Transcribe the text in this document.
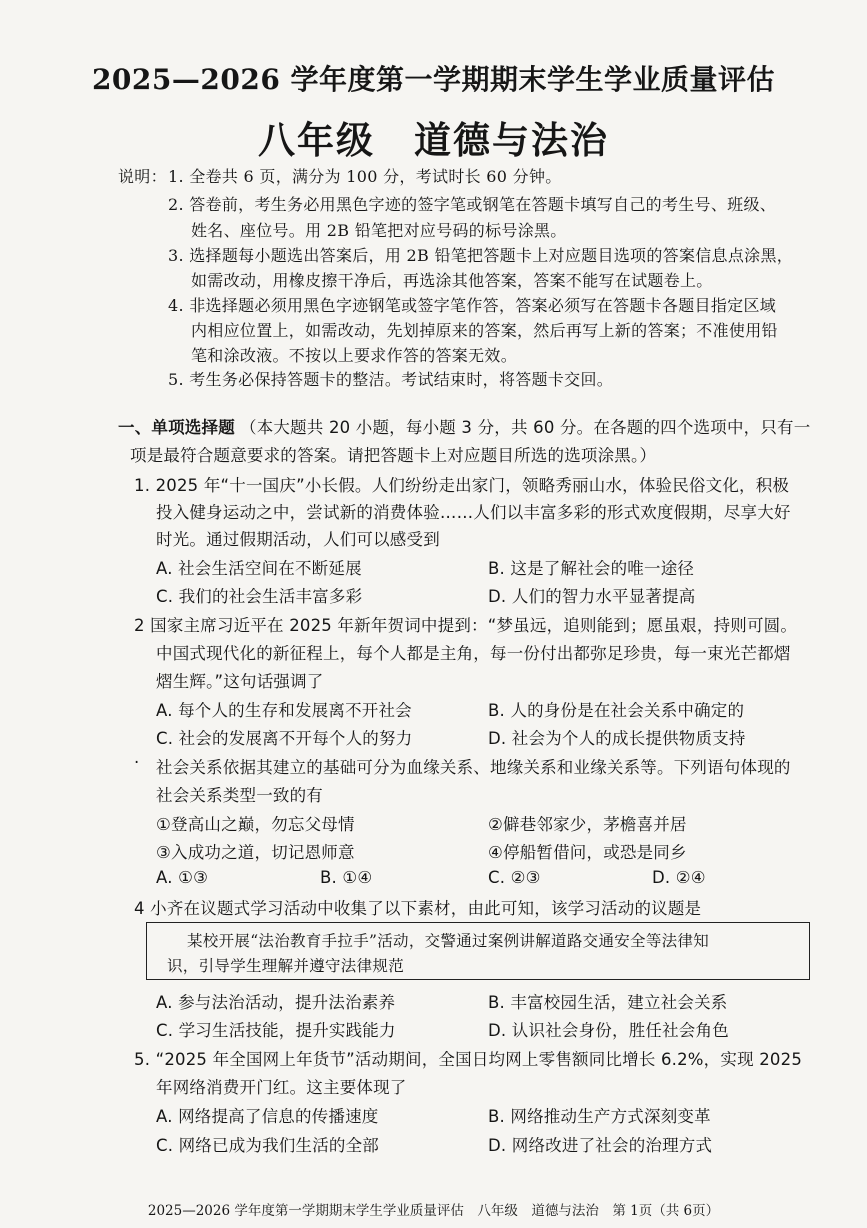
2025—2026 学年度第一学期期末学生学业质量评估
八年级　道德与法治
说明： 1. 全卷共 6 页，满分为 100 分，考试时长 60 分钟。
2. 答卷前，考生务必用黑色字迹的签字笔或钢笔在答题卡填写自己的考生号、班级、
姓名、座位号。用 2B 铅笔把对应号码的标号涂黑。
3. 选择题每小题选出答案后，用 2B 铅笔把答题卡上对应题目选项的答案信息点涂黑，
如需改动，用橡皮擦干净后，再选涂其他答案，答案不能写在试题卷上。
4. 非选择题必须用黑色字迹钢笔或签字笔作答，答案必须写在答题卡各题目指定区域
内相应位置上，如需改动，先划掉原来的答案，然后再写上新的答案；不准使用铅
笔和涂改液。不按以上要求作答的答案无效。
5. 考生务必保持答题卡的整洁。考试结束时，将答题卡交回。
一、单项选择题 （本大题共 20 小题，每小题 3 分，共 60 分。在各题的四个选项中，只有一
项是最符合题意要求的答案。请把答题卡上对应题目所选的选项涂黑。）
1. 2025 年“十一国庆”小长假。人们纷纷走出家门，领略秀丽山水，体验民俗文化，积极
投入健身运动之中，尝试新的消费体验……人们以丰富多彩的形式欢度假期，尽享大好
时光。通过假期活动，人们可以感受到
A. 社会生活空间在不断延展	B. 这是了解社会的唯一途径
C. 我们的社会生活丰富多彩	D. 人们的智力水平显著提高
2 国家主席习近平在 2025 年新年贺词中提到：“梦虽远，追则能到；愿虽艰，持则可圆。
中国式现代化的新征程上，每个人都是主角，每一份付出都弥足珍贵，每一束光芒都熠
熠生辉。”这句话强调了
A. 每个人的生存和发展离不开社会	B. 人的身份是在社会关系中确定的
C. 社会的发展离不开每个人的努力	D. 社会为个人的成长提供物质支持
· 社会关系依据其建立的基础可分为血缘关系、地缘关系和业缘关系等。下列语句体现的
社会关系类型一致的有
①登高山之巅，勿忘父母情	②僻巷邻家少，茅檐喜并居
③入成功之道，切记恩师意	④停船暂借问，或恐是同乡
A. ①③	B. ①④	C. ②③	D. ②④
4 小齐在议题式学习活动中收集了以下素材，由此可知，该学习活动的议题是
某校开展“法治教育手拉手”活动，交警通过案例讲解道路交通安全等法律知
识，引导学生理解并遵守法律规范
A. 参与法治活动，提升法治素养	B. 丰富校园生活，建立社会关系
C. 学习生活技能，提升实践能力	D. 认识社会身份，胜任社会角色
5. “2025 年全国网上年货节”活动期间，全国日均网上零售额同比增长 6.2%，实现 2025
年网络消费开门红。这主要体现了
A. 网络提高了信息的传播速度	B. 网络推动生产方式深刻变革
C. 网络已成为我们生活的全部	D. 网络改进了社会的治理方式
2025—2026 学年度第一学期期末学生学业质量评估　八年级　道德与法治　第 1页（共 6页）
